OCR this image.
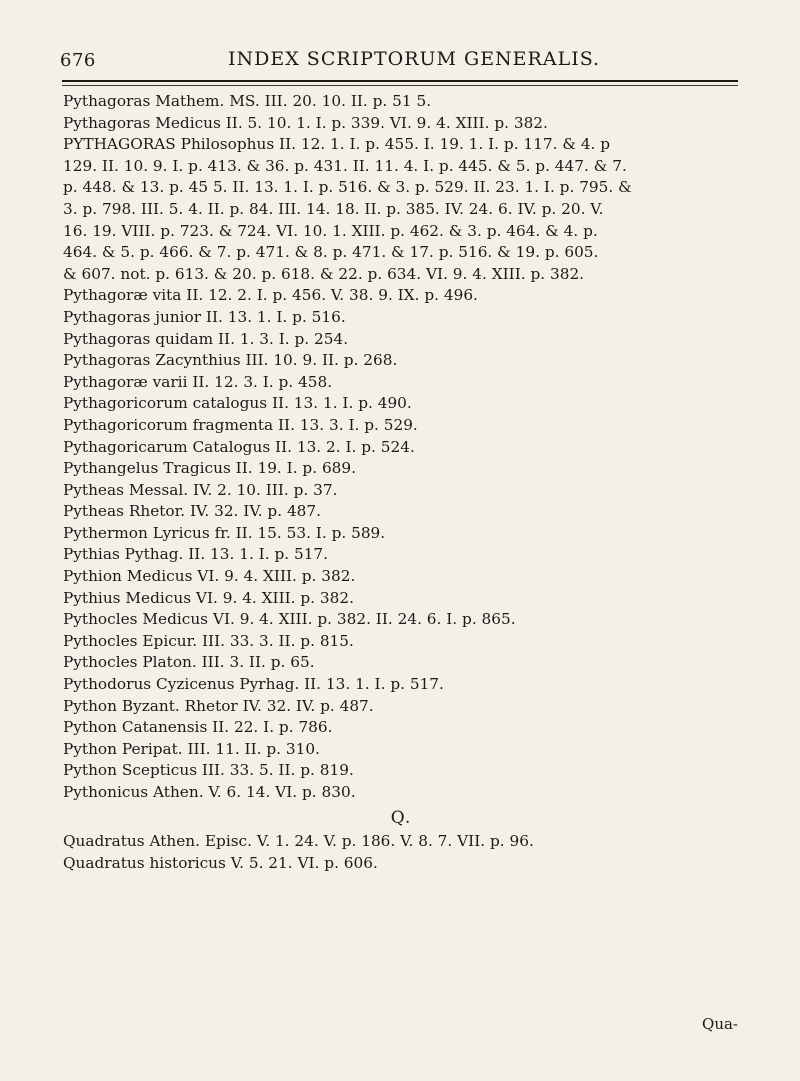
676	INDEX SCRIPTORUM GENERALIS.
Pythagoras Mathem. MS. III. 20. 10. II. p. 51 5.
Pythagoras Medicus II. 5. 10. 1. I. p. 339. VI. 9. 4. XIII. p. 382.
PYTHAGORAS Philosophus II. 12. 1. I. p. 455. I. 19. 1. I. p. 117. & 4. p
129. II. 10. 9. I. p. 413. & 36. p. 431. II. 11. 4. I. p. 445. & 5. p. 447. & 7.
p. 448. & 13. p. 45 5. II. 13. 1. I. p. 516. & 3. p. 529. II. 23. 1. I. p. 795. &
3. p. 798. III. 5. 4. II. p. 84. III. 14. 18. II. p. 385. IV. 24. 6. IV. p. 20. V.
16. 19. VIII. p. 723. & 724. VI. 10. 1. XIII. p. 462. & 3. p. 464. & 4. p.
464. & 5. p. 466. & 7. p. 471. & 8. p. 471. & 17. p. 516. & 19. p. 605.
& 607. not. p. 613. & 20. p. 618. & 22. p. 634. VI. 9. 4. XIII. p. 382.
Pythagoræ vita II. 12. 2. I. p. 456. V. 38. 9. IX. p. 496.
Pythagoras junior II. 13. 1. I. p. 516.
Pythagoras quidam II. 1. 3. I. p. 254.
Pythagoras Zacynthius III. 10. 9. II. p. 268.
Pythagoræ varii II. 12. 3. I. p. 458.
Pythagoricorum catalogus II. 13. 1. I. p. 490.
Pythagoricorum fragmenta II. 13. 3. I. p. 529.
Pythagoricarum Catalogus II. 13. 2. I. p. 524.
Pythangelus Tragicus II. 19. I. p. 689.
Pytheas Messal. IV. 2. 10. III. p. 37.
Pytheas Rhetor. IV. 32. IV. p. 487.
Pythermon Lyricus fr. II. 15. 53. I. p. 589.
Pythias Pythag. II. 13. 1. I. p. 517.
Pythion Medicus VI. 9. 4. XIII. p. 382.
Pythius Medicus VI. 9. 4. XIII. p. 382.
Pythocles Medicus VI. 9. 4. XIII. p. 382. II. 24. 6. I. p. 865.
Pythocles Epicur. III. 33. 3. II. p. 815.
Pythocles Platon. III. 3. II. p. 65.
Pythodorus Cyzicenus Pyrhag. II. 13. 1. I. p. 517.
Python Byzant. Rhetor IV. 32. IV. p. 487.
Python Catanensis II. 22. I. p. 786.
Python Peripat. III. 11. II. p. 310.
Python Scepticus III. 33. 5. II. p. 819.
Pythonicus Athen. V. 6. 14. VI. p. 830.
Q.
Quadratus Athen. Episc. V. 1. 24. V. p. 186. V. 8. 7. VII. p. 96.
Quadratus historicus V. 5. 21. VI. p. 606.
Qua-
